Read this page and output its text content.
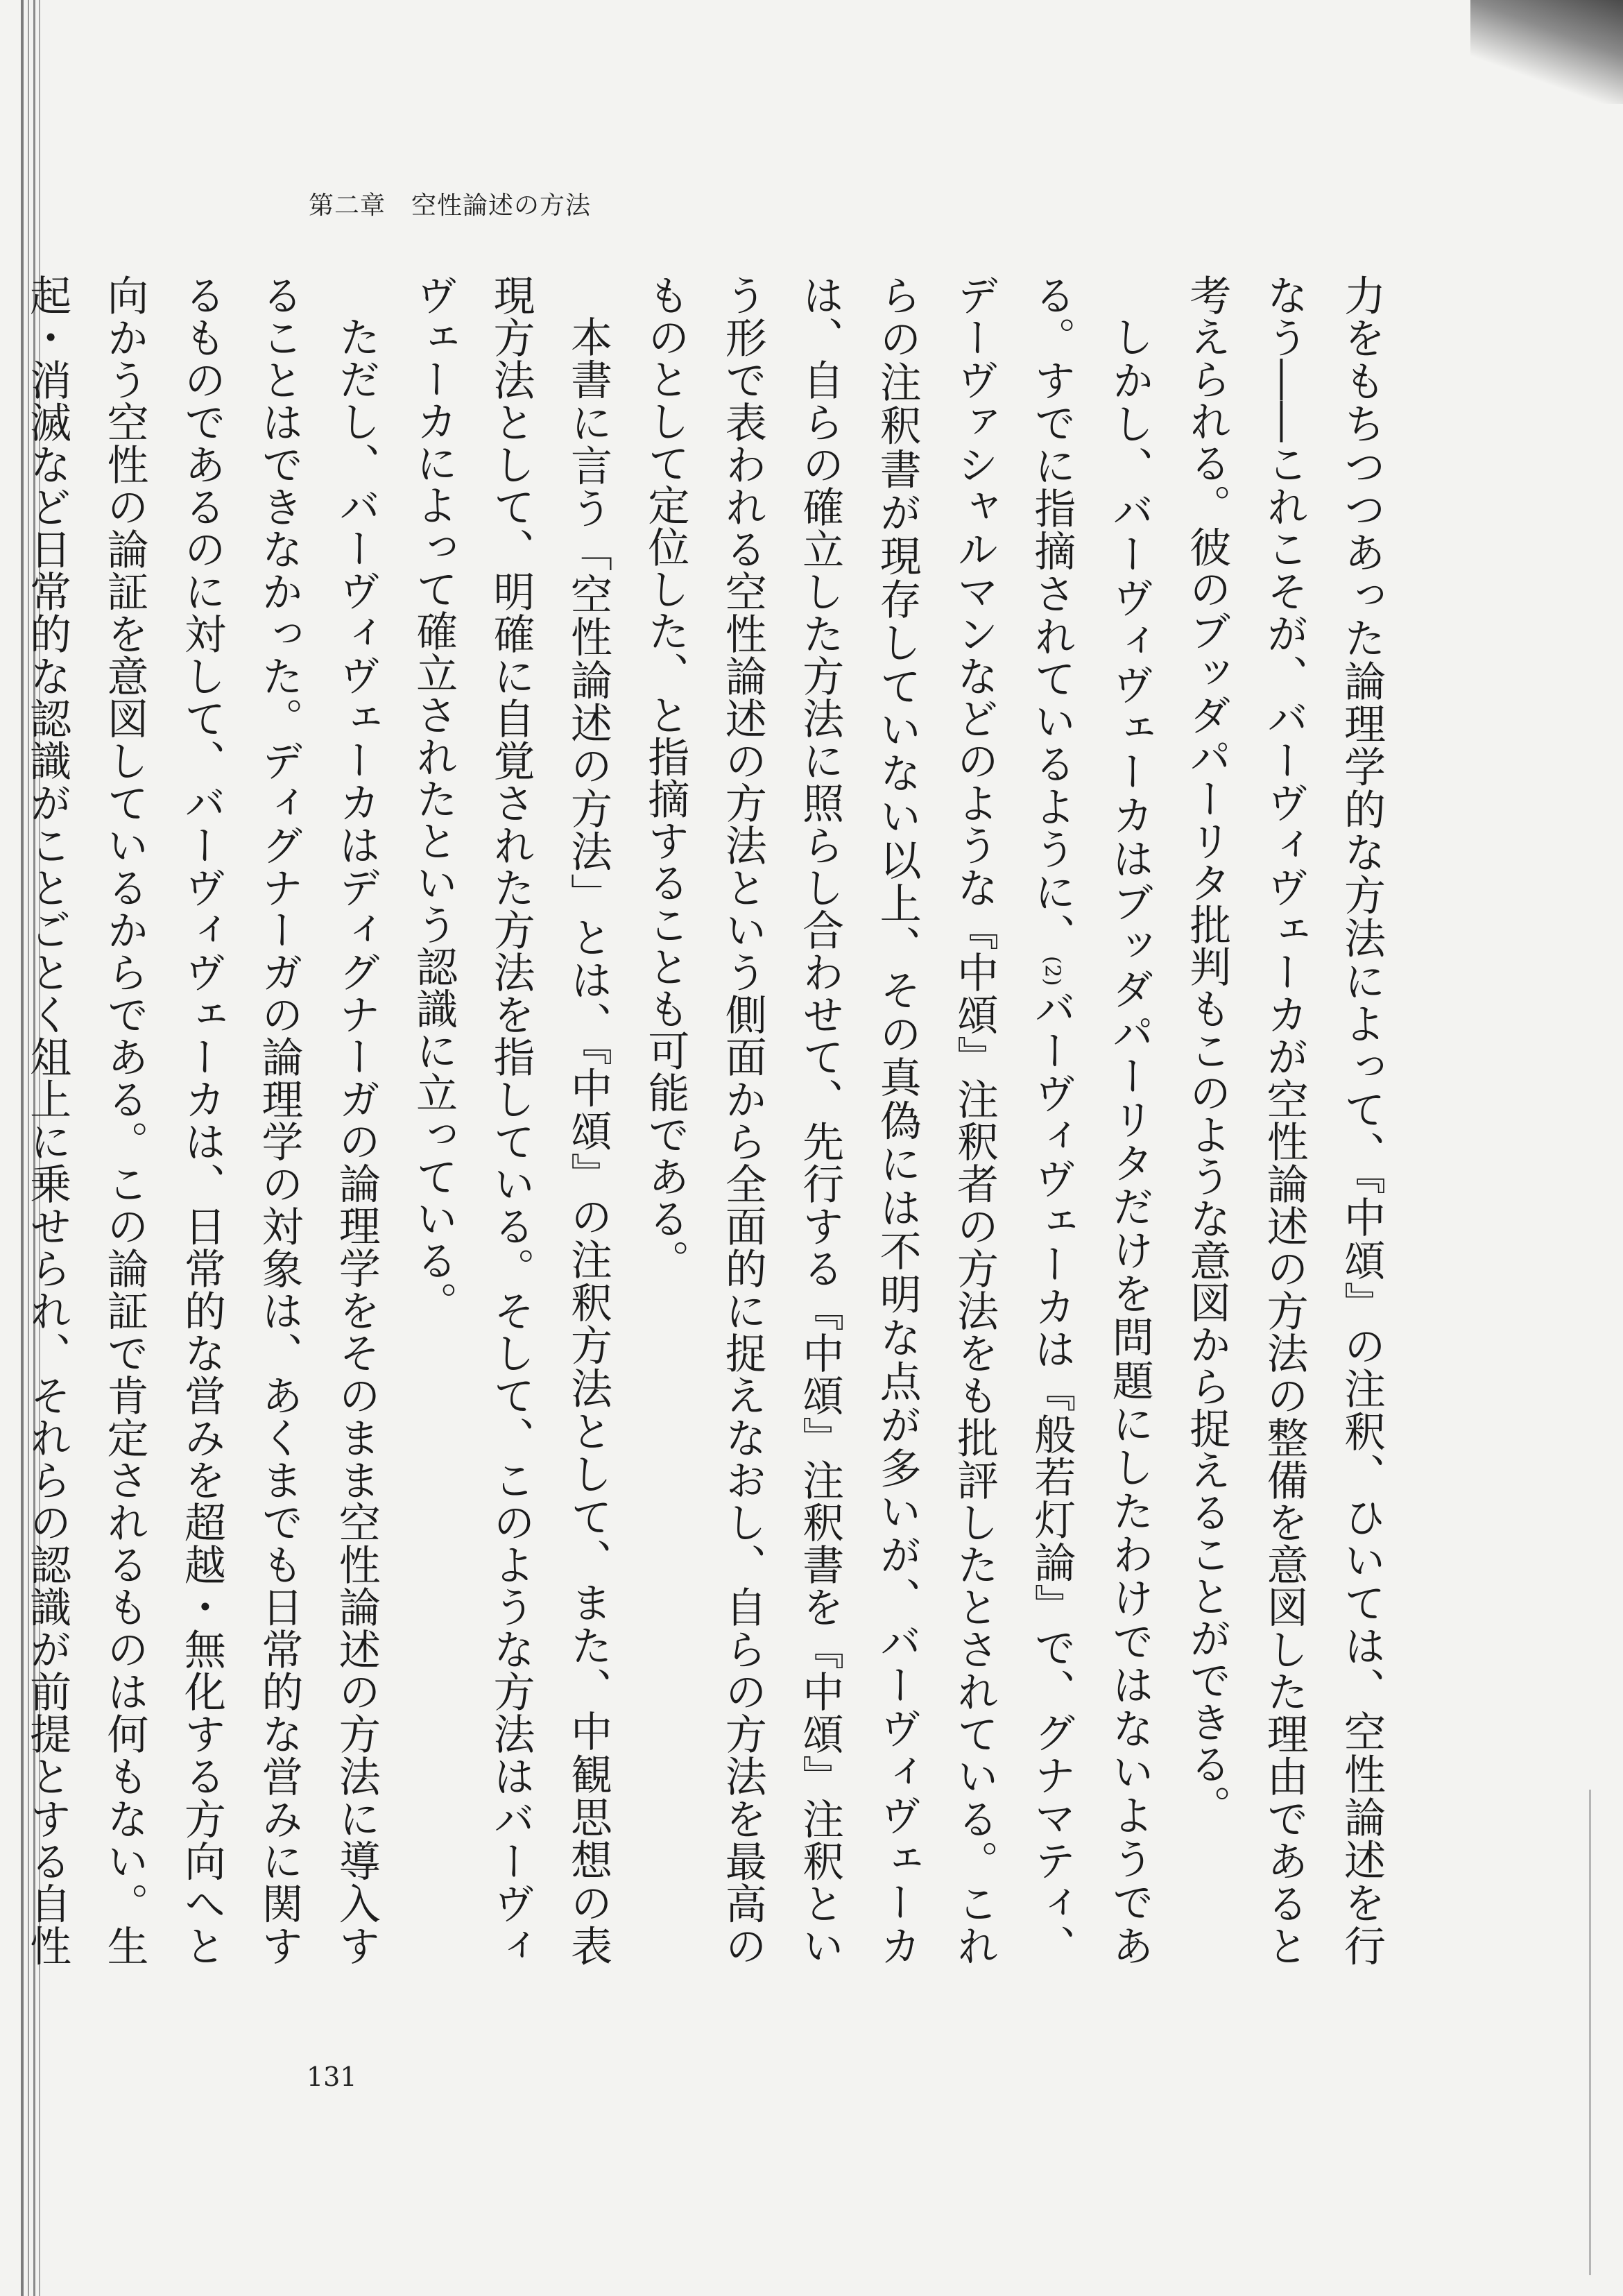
第二章　空性論述の方法

力をもちつつあった論理学的な方法によって、『中頌』の注釈、ひいては、空性論述を行なう――これこそが、バーヴィヴェーカが空性論述の方法の整備を意図した理由であると考えられる。彼のブッダパーリタ批判もこのような意図から捉えることができる。

しかし、バーヴィヴェーカはブッダパーリタだけを問題にしたわけではないようである。すでに指摘されているように、(2)バーヴィヴェーカは『般若灯論』で、グナマティ、デーヴァシャルマンなどのような『中頌』注釈者の方法をも批評したとされている。これらの注釈書が現存していない以上、その真偽には不明な点が多いが、バーヴィヴェーカは、自らの確立した方法に照らし合わせて、先行する『中頌』注釈書を『中頌』注釈という形で表われる空性論述の方法という側面から全面的に捉えなおし、自らの方法を最高のものとして定位した、と指摘することも可能である。

本書に言う「空性論述の方法」とは、『中頌』の注釈方法として、また、中観思想の表現方法として、明確に自覚された方法を指している。そして、このような方法はバーヴィヴェーカによって確立されたという認識に立っている。

ただし、バーヴィヴェーカはディグナーガの論理学をそのまま空性論述の方法に導入することはできなかった。ディグナーガの論理学の対象は、あくまでも日常的な営みに関するものであるのに対して、バーヴィヴェーカは、日常的な営みを超越・無化する方向へと向かう空性の論証を意図しているからである。この論証で肯定されるものは何もない。生起・消滅など日常的な認識がことごとく俎上に乗せられ、それらの認識が前提とする自性

131
